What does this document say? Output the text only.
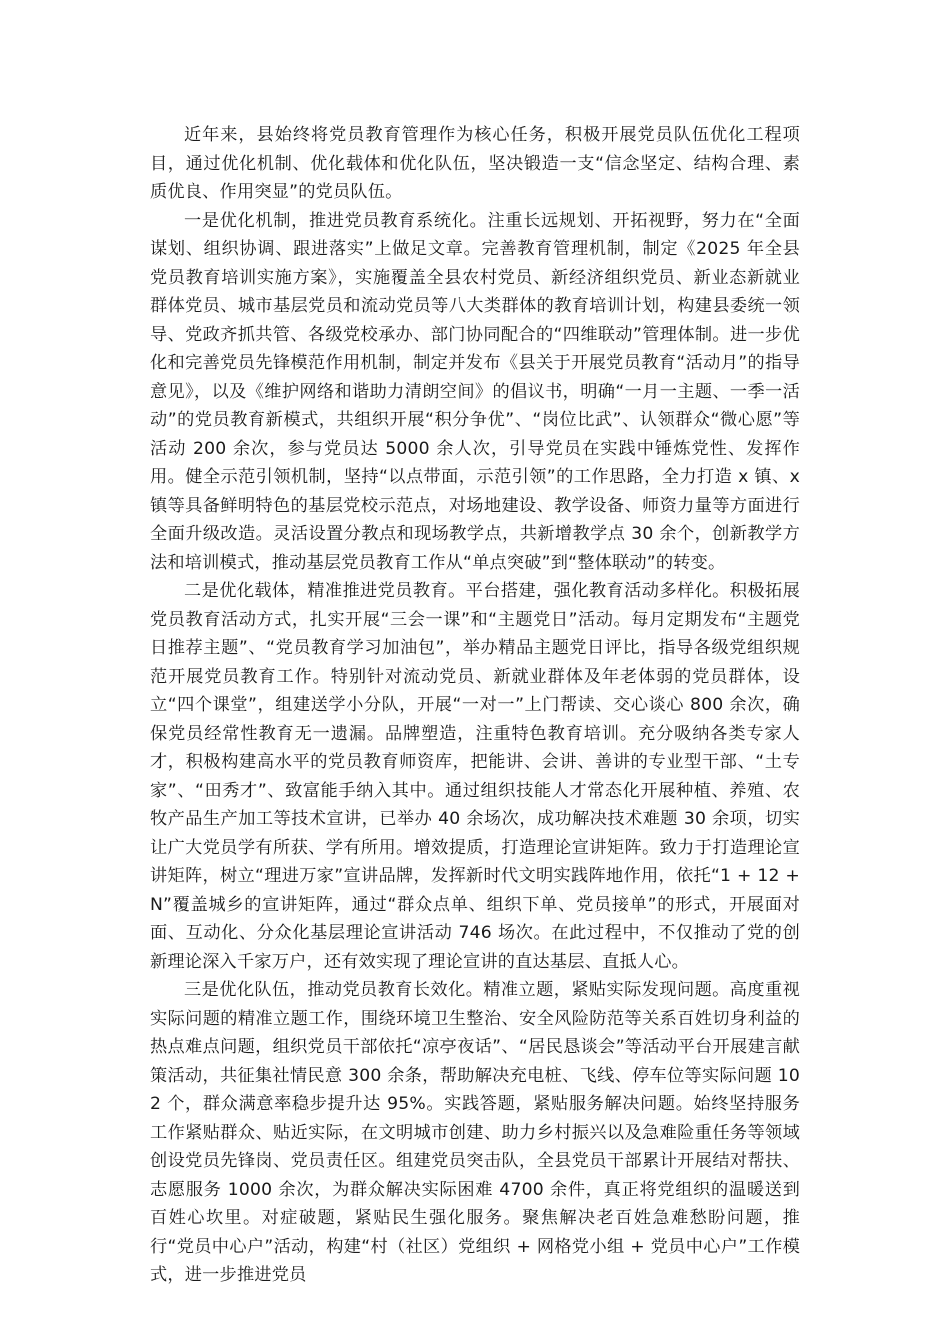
近年来，县始终将党员教育管理作为核心任务，积极开展党员队伍优化工程项目，通过优化机制、优化载体和优化队伍，坚决锻造一支“信念坚定、结构合理、素质优良、作用突显”的党员队伍。

一是优化机制，推进党员教育系统化。注重长远规划、开拓视野，努力在“全面谋划、组织协调、跟进落实”上做足文章。完善教育管理机制，制定《2025 年全县党员教育培训实施方案》，实施覆盖全县农村党员、新经济组织党员、新业态新就业群体党员、城市基层党员和流动党员等八大类群体的教育培训计划，构建县委统一领导、党政齐抓共管、各级党校承办、部门协同配合的“四维联动”管理体制。进一步优化和完善党员先锋模范作用机制，制定并发布《县关于开展党员教育“活动月”的指导意见》，以及《维护网络和谐助力清朗空间》的倡议书，明确“一月一主题、一季一活动”的党员教育新模式，共组织开展“积分争优”、“岗位比武”、认领群众“微心愿”等活动 200 余次，参与党员达 5000 余人次，引导党员在实践中锤炼党性、发挥作用。健全示范引领机制，坚持“以点带面，示范引领”的工作思路，全力打造 x 镇、x 镇等具备鲜明特色的基层党校示范点，对场地建设、教学设备、师资力量等方面进行全面升级改造。灵活设置分教点和现场教学点，共新增教学点 30 余个，创新教学方法和培训模式，推动基层党员教育工作从“单点突破”到“整体联动”的转变。

二是优化载体，精准推进党员教育。平台搭建，强化教育活动多样化。积极拓展党员教育活动方式，扎实开展“三会一课”和“主题党日”活动。每月定期发布“主题党日推荐主题”、“党员教育学习加油包”，举办精品主题党日评比，指导各级党组织规范开展党员教育工作。特别针对流动党员、新就业群体及年老体弱的党员群体，设立“四个课堂”，组建送学小分队，开展“一对一”上门帮读、交心谈心 800 余次，确保党员经常性教育无一遗漏。品牌塑造，注重特色教育培训。充分吸纳各类专家人才，积极构建高水平的党员教育师资库，把能讲、会讲、善讲的专业型干部、“土专家”、“田秀才”、致富能手纳入其中。通过组织技能人才常态化开展种植、养殖、农牧产品生产加工等技术宣讲，已举办 40 余场次，成功解决技术难题 30 余项，切实让广大党员学有所获、学有所用。增效提质，打造理论宣讲矩阵。致力于打造理论宣讲矩阵，树立“理进万家”宣讲品牌，发挥新时代文明实践阵地作用，依托“1 + 12 + N”覆盖城乡的宣讲矩阵，通过“群众点单、组织下单、党员接单”的形式，开展面对面、互动化、分众化基层理论宣讲活动 746 场次。在此过程中，不仅推动了党的创新理论深入千家万户，还有效实现了理论宣讲的直达基层、直抵人心。

三是优化队伍，推动党员教育长效化。精准立题，紧贴实际发现问题。高度重视实际问题的精准立题工作，围绕环境卫生整治、安全风险防范等关系百姓切身利益的热点难点问题，组织党员干部依托“凉亭夜话”、“居民恳谈会”等活动平台开展建言献策活动，共征集社情民意 300 余条，帮助解决充电桩、飞线、停车位等实际问题 102 个，群众满意率稳步提升达 95%。实践答题，紧贴服务解决问题。始终坚持服务工作紧贴群众、贴近实际，在文明城市创建、助力乡村振兴以及急难险重任务等领域创设党员先锋岗、党员责任区。组建党员突击队，全县党员干部累计开展结对帮扶、志愿服务 1000 余次，为群众解决实际困难 4700 余件，真正将党组织的温暖送到百姓心坎里。对症破题，紧贴民生强化服务。聚焦解决老百姓急难愁盼问题，推行“党员中心户”活动，构建“村（社区）党组织 + 网格党小组 + 党员中心户”工作模式，进一步推进党员
